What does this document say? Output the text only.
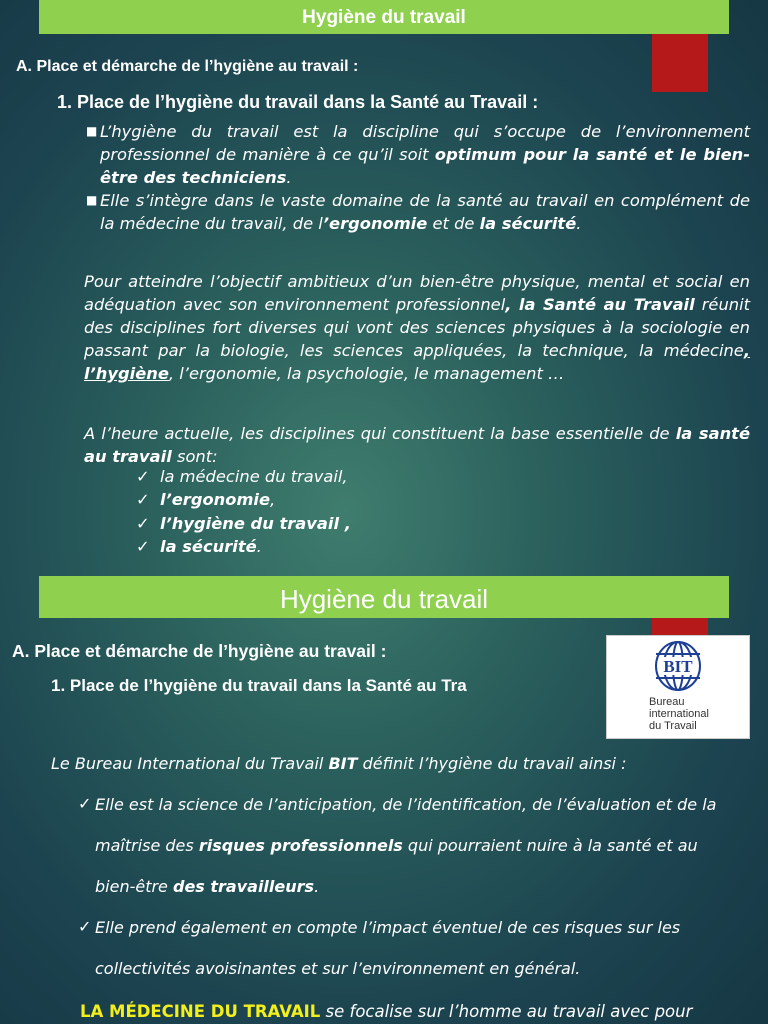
Hygiène du travail
A. Place et démarche de l’hygiène au travail :
1. Place de l’hygiène du travail dans la Santé au Travail :
■ L’hygiène du travail est la discipline qui s’occupe de l’environnement professionnel de manière à ce qu’il soit optimum pour la santé et le bien-être des techniciens.
■ Elle s’intègre dans le vaste domaine de la santé au travail en complément de la médecine du travail, de l’ergonomie et de la sécurité.
Pour atteindre l’objectif ambitieux d’un bien-être physique, mental et social en adéquation avec son environnement professionnel, la Santé au Travail réunit des disciplines fort diverses qui vont des sciences physiques à la sociologie en passant par la biologie, les sciences appliquées, la technique, la médecine, l’hygiène, l’ergonomie, la psychologie, le management …
A l’heure actuelle, les disciplines qui constituent la base essentielle de la santé au travail sont:
✓ la médecine du travail,
✓ l’ergonomie,
✓ l’hygiène du travail ,
✓ la sécurité.
Hygiène du travail
A. Place et démarche de l’hygiène au travail :
1. Place de l’hygiène du travail dans la Santé au Tra
BIT
Bureau
international
du Travail
Le Bureau International du Travail BIT définit l’hygiène du travail ainsi :
✓ Elle est la science de l’anticipation, de l’identification, de l’évaluation et de la
maîtrise des risques professionnels qui pourraient nuire à la santé et au
bien-être des travailleurs.
✓ Elle prend également en compte l’impact éventuel de ces risques sur les
collectivités avoisinantes et sur l’environnement en général.
LA MÉDECINE DU TRAVAIL se focalise sur l’homme au travail avec pour
